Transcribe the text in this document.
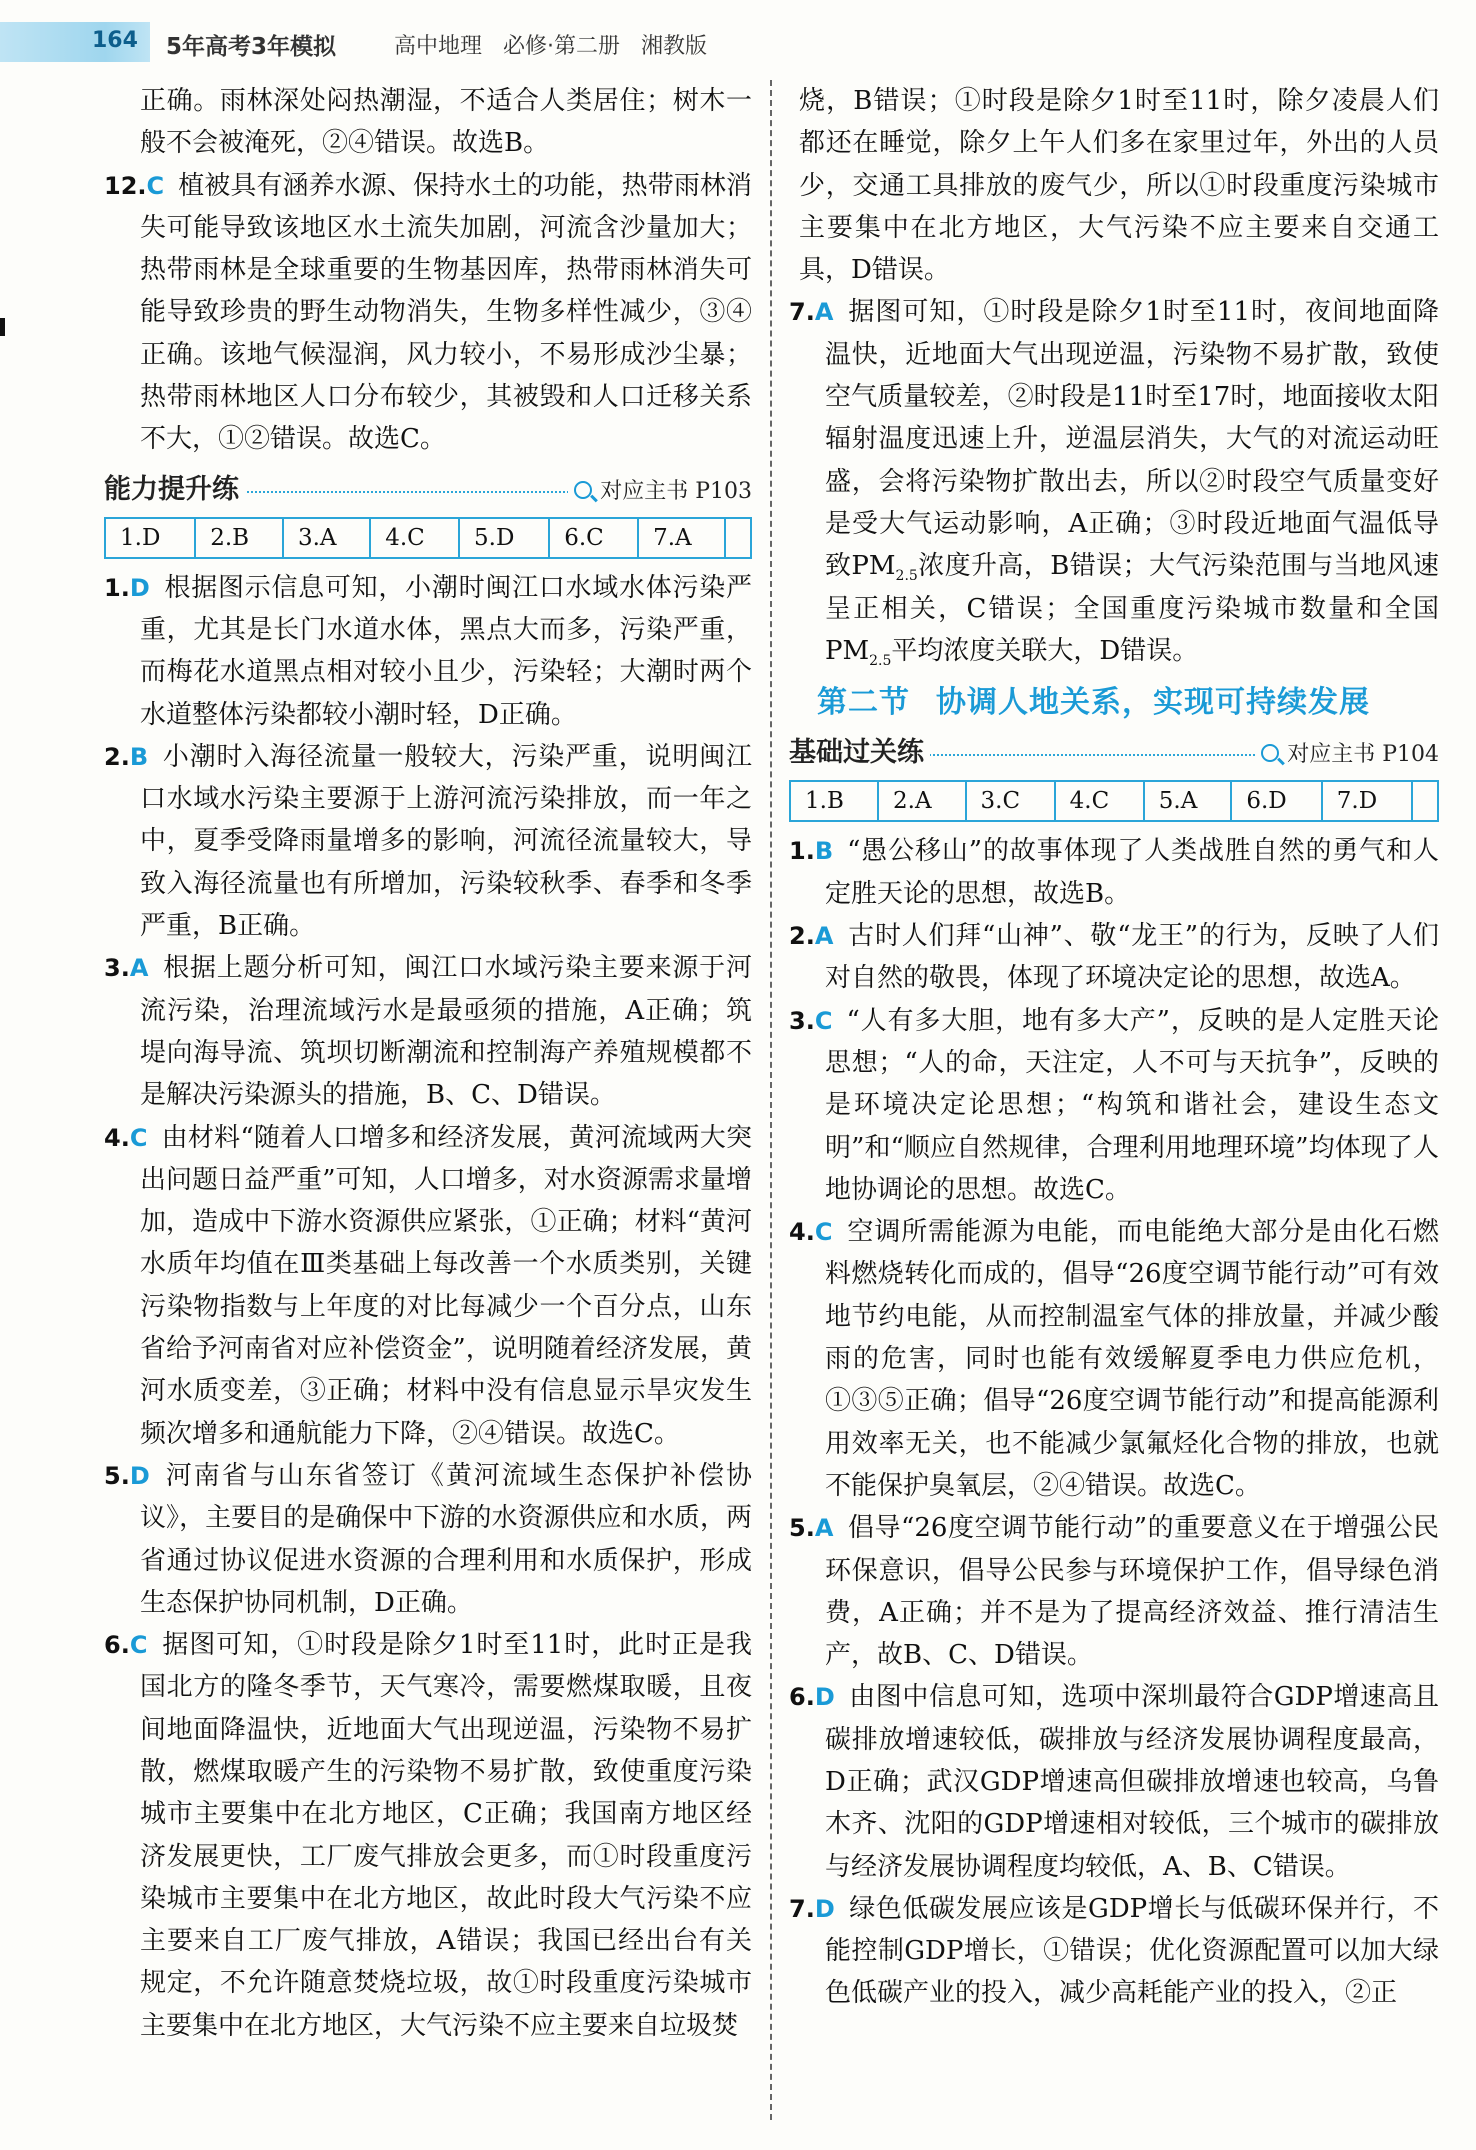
164 5年高考3年模拟	高中地理 必修·第二册 湘教版

正确。雨林深处闷热潮湿，不适合人类居住；树木一般不会被淹死，②④错误。故选B。

12.C 植被具有涵养水源、保持水土的功能，热带雨林消失可能导致该地区水土流失加剧，河流含沙量加大；热带雨林是全球重要的生物基因库，热带雨林消失可能导致珍贵的野生动物消失，生物多样性减少，③④正确。该地气候湿润，风力较小，不易形成沙尘暴；热带雨林地区人口分布较少，其被毁和人口迁移关系不大，①②错误。故选C。

能力提升练	对应主书 P103
1.D	2.B	3.A	4.C	5.D	6.C	7.A	

1.D 根据图示信息可知，小潮时闽江口水域水体污染严重，尤其是长门水道水体，黑点大而多，污染严重，而梅花水道黑点相对较小且少，污染轻；大潮时两个水道整体污染都较小潮时轻，D正确。

2.B 小潮时入海径流量一般较大，污染严重，说明闽江口水域水污染主要源于上游河流污染排放，而一年之中，夏季受降雨量增多的影响，河流径流量较大，导致入海径流量也有所增加，污染较秋季、春季和冬季严重，B正确。

3.A 根据上题分析可知，闽江口水域污染主要来源于河流污染，治理流域污水是最亟须的措施，A正确；筑堤向海导流、筑坝切断潮流和控制海产养殖规模都不是解决污染源头的措施，B、C、D错误。

4.C 由材料“随着人口增多和经济发展，黄河流域两大突出问题日益严重”可知，人口增多，对水资源需求量增加，造成中下游水资源供应紧张，①正确；材料“黄河水质年均值在Ⅲ类基础上每改善一个水质类别，关键污染物指数与上年度的对比每减少一个百分点，山东省给予河南省对应补偿资金”，说明随着经济发展，黄河水质变差，③正确；材料中没有信息显示旱灾发生频次增多和通航能力下降，②④错误。故选C。

5.D 河南省与山东省签订《黄河流域生态保护补偿协议》，主要目的是确保中下游的水资源供应和水质，两省通过协议促进水资源的合理利用和水质保护，形成生态保护协同机制，D正确。

6.C 据图可知，①时段是除夕1时至11时，此时正是我国北方的隆冬季节，天气寒冷，需要燃煤取暖，且夜间地面降温快，近地面大气出现逆温，污染物不易扩散，燃煤取暖产生的污染物不易扩散，致使重度污染城市主要集中在北方地区，C正确；我国南方地区经济发展更快，工厂废气排放会更多，而①时段重度污染城市主要集中在北方地区，故此时段大气污染不应主要来自工厂废气排放，A错误；我国已经出台有关规定，不允许随意焚烧垃圾，故①时段重度污染城市主要集中在北方地区，大气污染不应主要来自垃圾焚

烧，B错误；①时段是除夕1时至11时，除夕凌晨人们都还在睡觉，除夕上午人们多在家里过年，外出的人员少，交通工具排放的废气少，所以①时段重度污染城市主要集中在北方地区，大气污染不应主要来自交通工具，D错误。

7.A 据图可知，①时段是除夕1时至11时，夜间地面降温快，近地面大气出现逆温，污染物不易扩散，致使空气质量较差，②时段是11时至17时，地面接收太阳辐射温度迅速上升，逆温层消失，大气的对流运动旺盛，会将污染物扩散出去，所以②时段空气质量变好是受大气运动影响，A正确；③时段近地面气温低导致$PM_{2.5}$浓度升高，B错误；大气污染范围与当地风速呈正相关，C错误；全国重度污染城市数量和全国$PM_{2.5}$平均浓度关联大，D错误。

第二节 协调人地关系，实现可持续发展
基础过关练	对应主书 P104
1.B	2.A	3.C	4.C	5.A	6.D	7.D	

1.B “愚公移山”的故事体现了人类战胜自然的勇气和人定胜天论的思想，故选B。

2.A 古时人们拜“山神”、敬“龙王”的行为，反映了人们对自然的敬畏，体现了环境决定论的思想，故选A。

3.C “人有多大胆，地有多大产”，反映的是人定胜天论思想；“人的命，天注定，人不可与天抗争”，反映的是环境决定论思想；“构筑和谐社会，建设生态文明”和“顺应自然规律，合理利用地理环境”均体现了人地协调论的思想。故选C。

4.C 空调所需能源为电能，而电能绝大部分是由化石燃料燃烧转化而成的，倡导“26度空调节能行动”可有效地节约电能，从而控制温室气体的排放量，并减少酸雨的危害，同时也能有效缓解夏季电力供应危机，①③⑤正确；倡导“26度空调节能行动”和提高能源利用效率无关，也不能减少氯氟烃化合物的排放，也就不能保护臭氧层，②④错误。故选C。

5.A 倡导“26度空调节能行动”的重要意义在于增强公民环保意识，倡导公民参与环境保护工作，倡导绿色消费，A正确；并不是为了提高经济效益、推行清洁生产，故B、C、D错误。

6.D 由图中信息可知，选项中深圳最符合GDP增速高且碳排放增速较低，碳排放与经济发展协调程度最高，D正确；武汉GDP增速高但碳排放增速也较高，乌鲁木齐、沈阳的GDP增速相对较低，三个城市的碳排放与经济发展协调程度均较低，A、B、C错误。

7.D 绿色低碳发展应该是GDP增长与低碳环保并行，不能控制GDP增长，①错误；优化资源配置可以加大绿色低碳产业的投入，减少高耗能产业的投入，②正
